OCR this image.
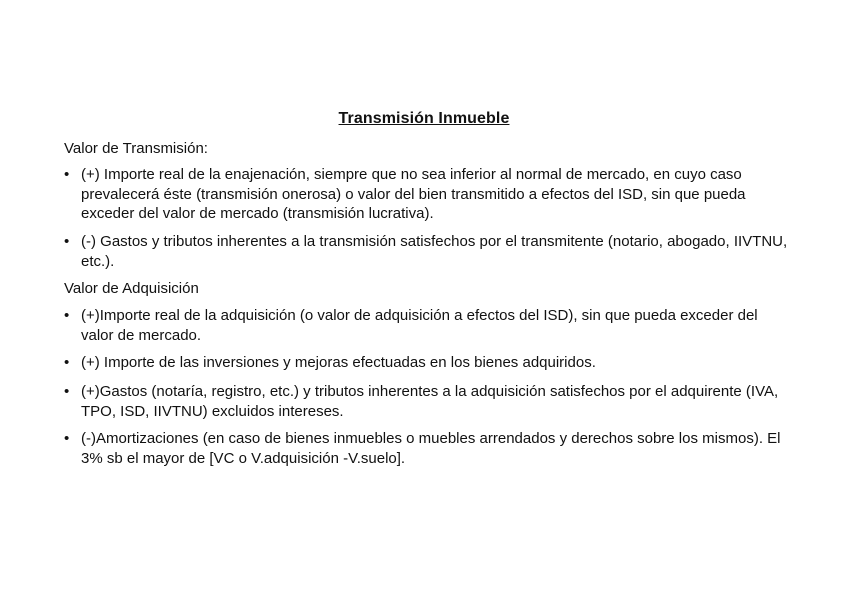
Transmisión Inmueble
Valor de Transmisión:
• (+) Importe real de la enajenación, siempre que no sea inferior al normal de mercado, en cuyo caso prevalecerá éste (transmisión onerosa) o valor del bien transmitido a efectos del ISD, sin que pueda exceder del valor de mercado (transmisión lucrativa).
• (-) Gastos y tributos inherentes a la transmisión satisfechos por el transmitente (notario, abogado, IIVTNU, etc.).
Valor de Adquisición
• (+)Importe real de la adquisición (o valor de adquisición a efectos del ISD), sin que pueda exceder del valor de mercado.
• (+) Importe de las inversiones y mejoras efectuadas en los bienes adquiridos.
• (+)Gastos (notaría, registro, etc.) y tributos inherentes a la adquisición satisfechos por el adquirente (IVA, TPO, ISD, IIVTNU) excluidos intereses.
• (-)Amortizaciones (en caso de bienes inmuebles o muebles arrendados y derechos sobre los mismos). El 3% sb el mayor de [VC o V.adquisición -V.suelo].
